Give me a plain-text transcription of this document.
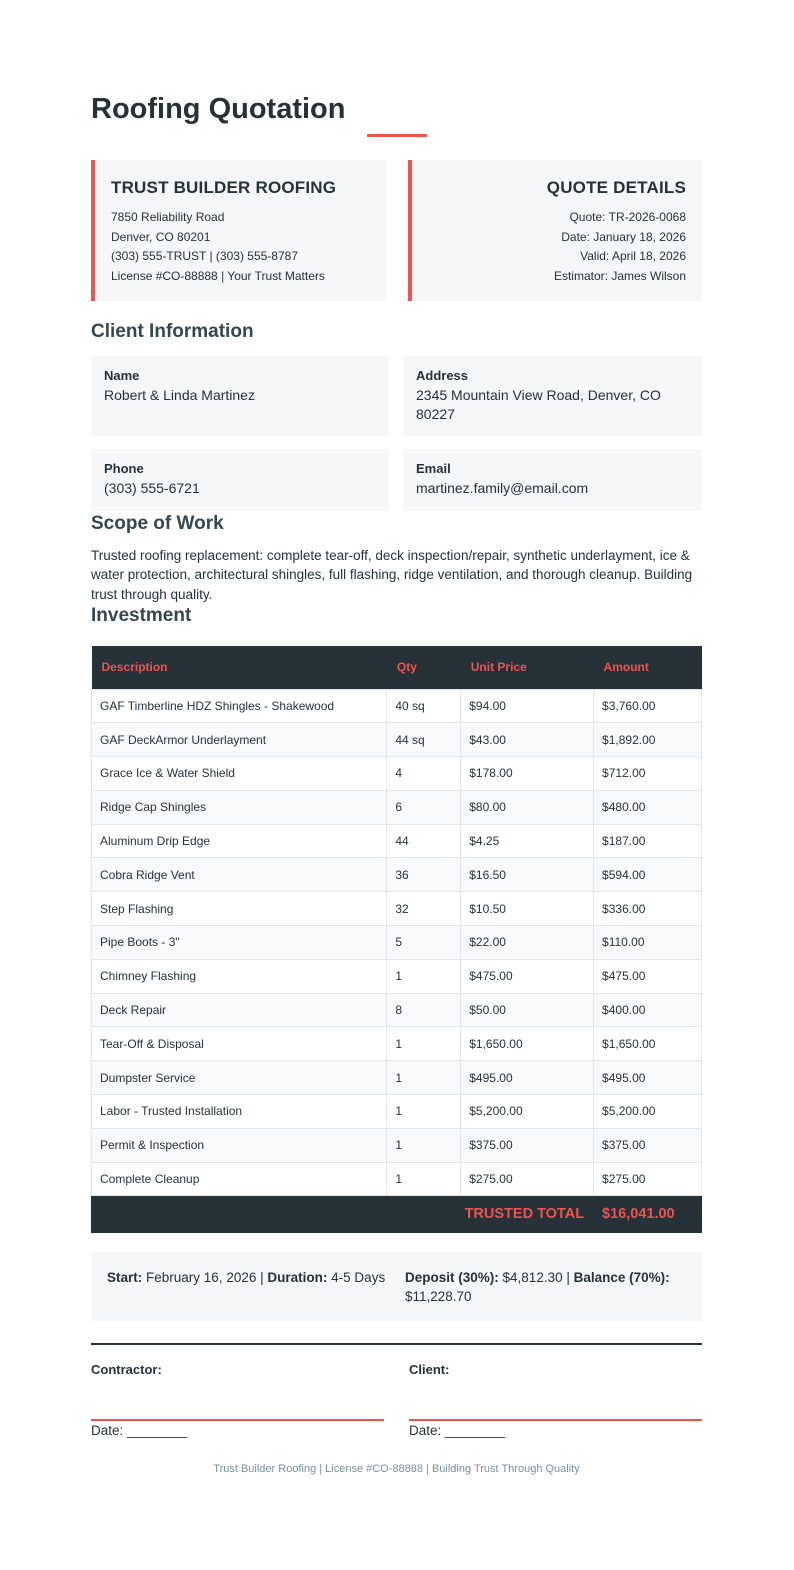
Roofing Quotation
TRUST BUILDER ROOFING
7850 Reliability Road
Denver, CO 80201
(303) 555-TRUST | (303) 555-8787
License #CO-88888 | Your Trust Matters
QUOTE DETAILS
Quote: TR-2026-0068
Date: January 18, 2026
Valid: April 18, 2026
Estimator: James Wilson
Client Information
Name
Robert & Linda Martinez
Address
2345 Mountain View Road, Denver, CO 80227
Phone
(303) 555-6721
Email
martinez.family@email.com
Scope of Work

Trusted roofing replacement: complete tear-off, deck inspection/repair, synthetic underlayment, ice & water protection, architectural shingles, full flashing, ridge ventilation, and thorough cleanup. Building trust through quality.

Investment
Description	Qty	Unit Price	Amount
GAF Timberline HDZ Shingles - Shakewood	40 sq	$94.00	$3,760.00
GAF DeckArmor Underlayment	44 sq	$43.00	$1,892.00
Grace Ice & Water Shield	4	$178.00	$712.00
Ridge Cap Shingles	6	$80.00	$480.00
Aluminum Drip Edge	44	$4.25	$187.00
Cobra Ridge Vent	36	$16.50	$594.00
Step Flashing	32	$10.50	$336.00
Pipe Boots - 3"	5	$22.00	$110.00
Chimney Flashing	1	$475.00	$475.00
Deck Repair	8	$50.00	$400.00
Tear-Off & Disposal	1	$1,650.00	$1,650.00
Dumpster Service	1	$495.00	$495.00
Labor - Trusted Installation	1	$5,200.00	$5,200.00
Permit & Inspection	1	$375.00	$375.00
Complete Cleanup	1	$275.00	$275.00
TRUSTED TOTAL			$16,041.00
Start: February 16, 2026 | Duration: 4-5 Days	Deposit (30%): $4,812.30 | Balance (70%): $11,228.70
Contractor:
Date: ________
Client:
Date: ________
Trust Builder Roofing | License #CO-88888 | Building Trust Through Quality
